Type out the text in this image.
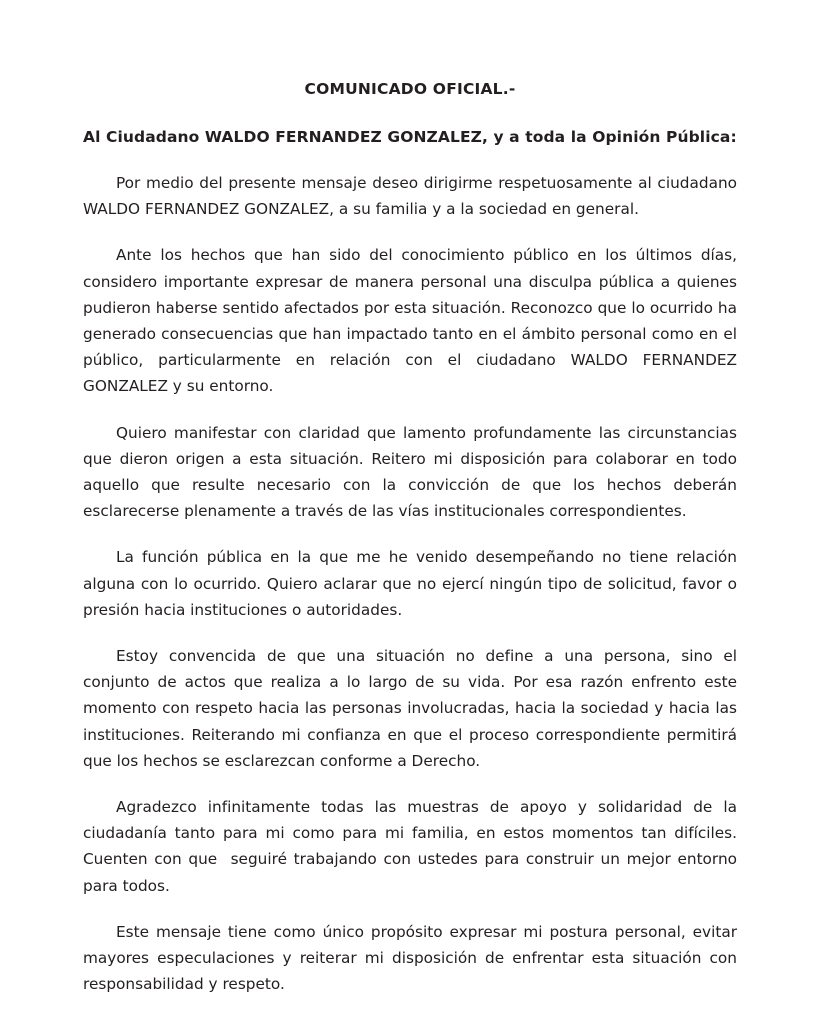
COMUNICADO OFICIAL.-

Al Ciudadano WALDO FERNANDEZ GONZALEZ, y a toda la Opinión Pública:

Por medio del presente mensaje deseo dirigirme respetuosamente al ciudadano WALDO FERNANDEZ GONZALEZ, a su familia y a la sociedad en general.

Ante los hechos que han sido del conocimiento público en los últimos días, considero importante expresar de manera personal una disculpa pública a quienes pudieron haberse sentido afectados por esta situación. Reconozco que lo ocurrido ha generado consecuencias que han impactado tanto en el ámbito personal como en el público, particularmente en relación con el ciudadano WALDO FERNANDEZ GONZALEZ y su entorno.

Quiero manifestar con claridad que lamento profundamente las circunstancias que dieron origen a esta situación. Reitero mi disposición para colaborar en todo aquello que resulte necesario con la convicción de que los hechos deberán esclarecerse plenamente a través de las vías institucionales correspondientes.

La función pública en la que me he venido desempeñando no tiene relación alguna con lo ocurrido. Quiero aclarar que no ejercí ningún tipo de solicitud, favor o presión hacia instituciones o autoridades.

Estoy convencida de que una situación no define a una persona, sino el conjunto de actos que realiza a lo largo de su vida. Por esa razón enfrento este momento con respeto hacia las personas involucradas, hacia la sociedad y hacia las instituciones. Reiterando mi confianza en que el proceso correspondiente permitirá que los hechos se esclarezcan conforme a Derecho.

Agradezco infinitamente todas las muestras de apoyo y solidaridad de la ciudadanía tanto para mi como para mi familia, en estos momentos tan difíciles. Cuenten con que  seguiré trabajando con ustedes para construir un mejor entorno para todos.

Este mensaje tiene como único propósito expresar mi postura personal, evitar mayores especulaciones y reiterar mi disposición de enfrentar esta situación con responsabilidad y respeto.
